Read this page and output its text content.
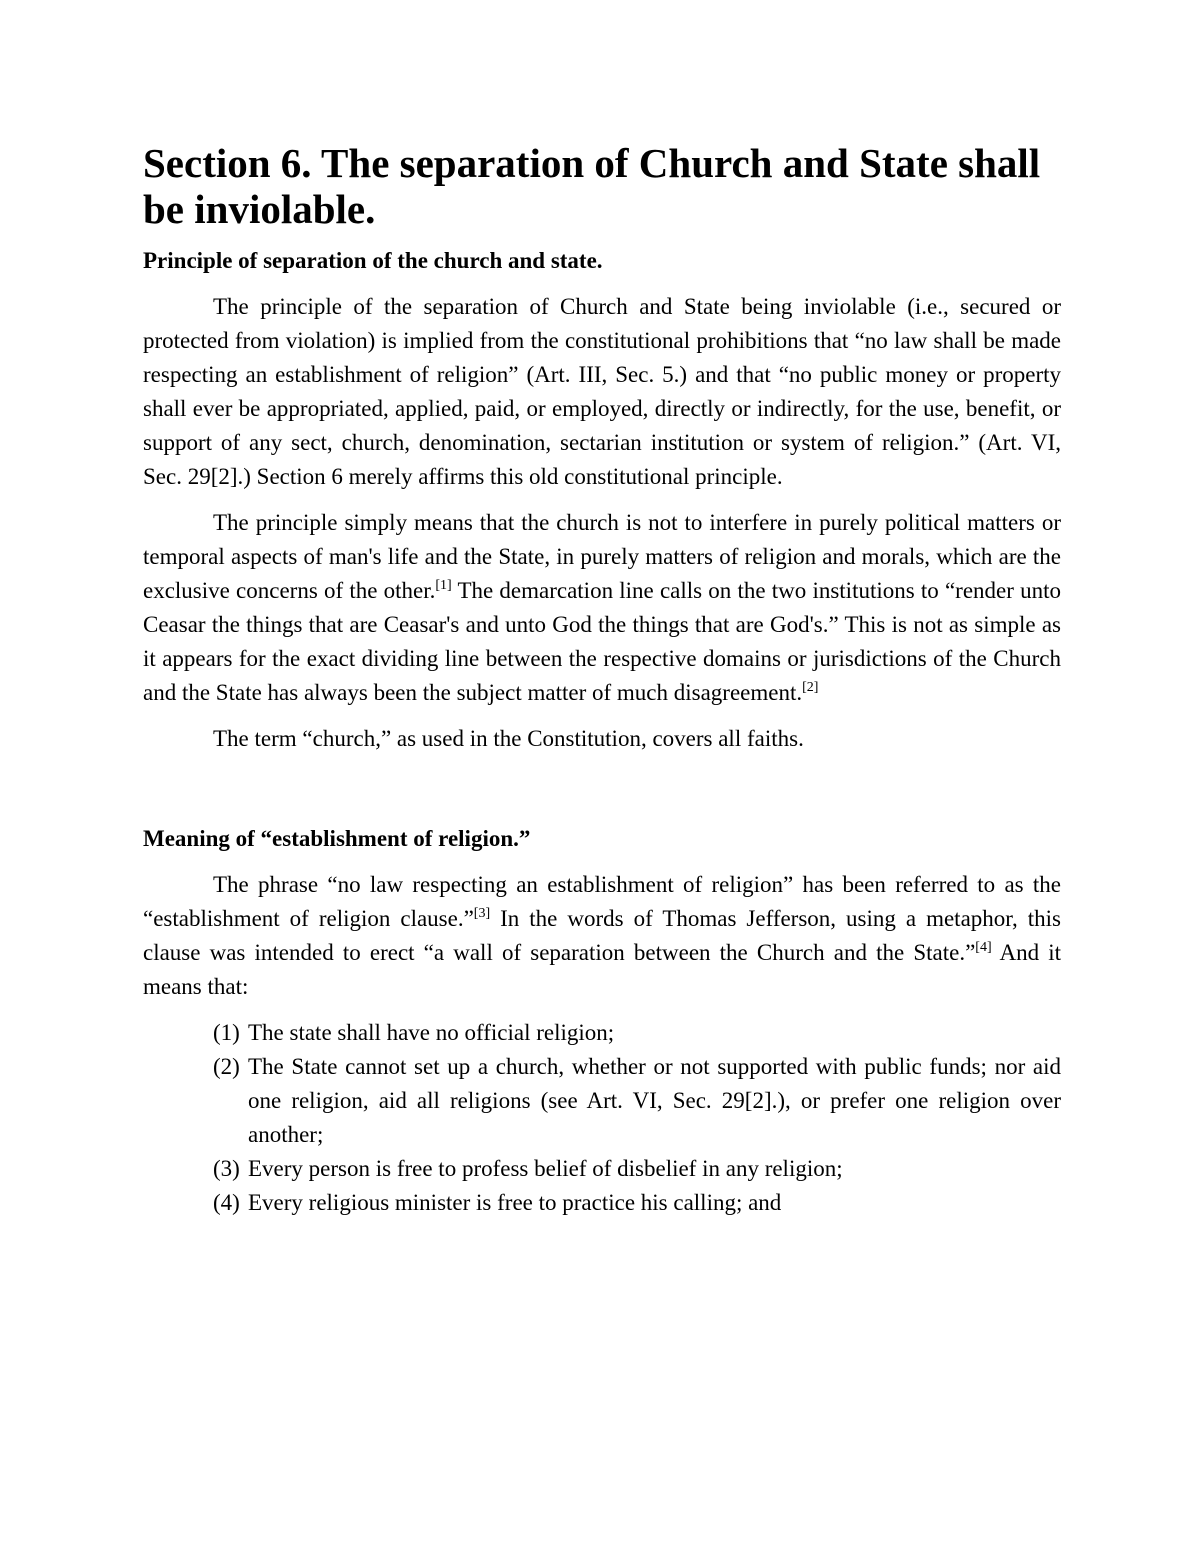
Section 6. The separation of Church and State shall be inviolable.
Principle of separation of the church and state.

The principle of the separation of Church and State being inviolable (i.e., secured or protected from violation) is implied from the constitutional prohibitions that “no law shall be made respecting an establishment of religion” (Art. III, Sec. 5.) and that “no public money or property shall ever be appropriated, applied, paid, or employed, directly or indirectly, for the use, benefit, or support of any sect, church, denomination, sectarian institution or system of religion.” (Art. VI, Sec. 29[2].) Section 6 merely affirms this old constitutional principle.

The principle simply means that the church is not to interfere in purely political matters or temporal aspects of man's life and the State, in purely matters of religion and morals, which are the exclusive concerns of the other.[1] The demarcation line calls on the two institutions to “render unto Ceasar the things that are Ceasar's and unto God the things that are God's.” This is not as simple as it appears for the exact dividing line between the respective domains or jurisdictions of the Church and the State has always been the subject matter of much disagreement.[2]

The term “church,” as used in the Constitution, covers all faiths.

Meaning of “establishment of religion.”

The phrase “no law respecting an establishment of religion” has been referred to as the “establishment of religion clause.”[3] In the words of Thomas Jefferson, using a metaphor, this clause was intended to erect “a wall of separation between the Church and the State.”[4] And it means that:

(1) The state shall have no official religion;
(2) The State cannot set up a church, whether or not supported with public funds; nor aid one religion, aid all religions (see Art. VI, Sec. 29[2].), or prefer one religion over another;
(3) Every person is free to profess belief of disbelief in any religion;
(4) Every religious minister is free to practice his calling; and
